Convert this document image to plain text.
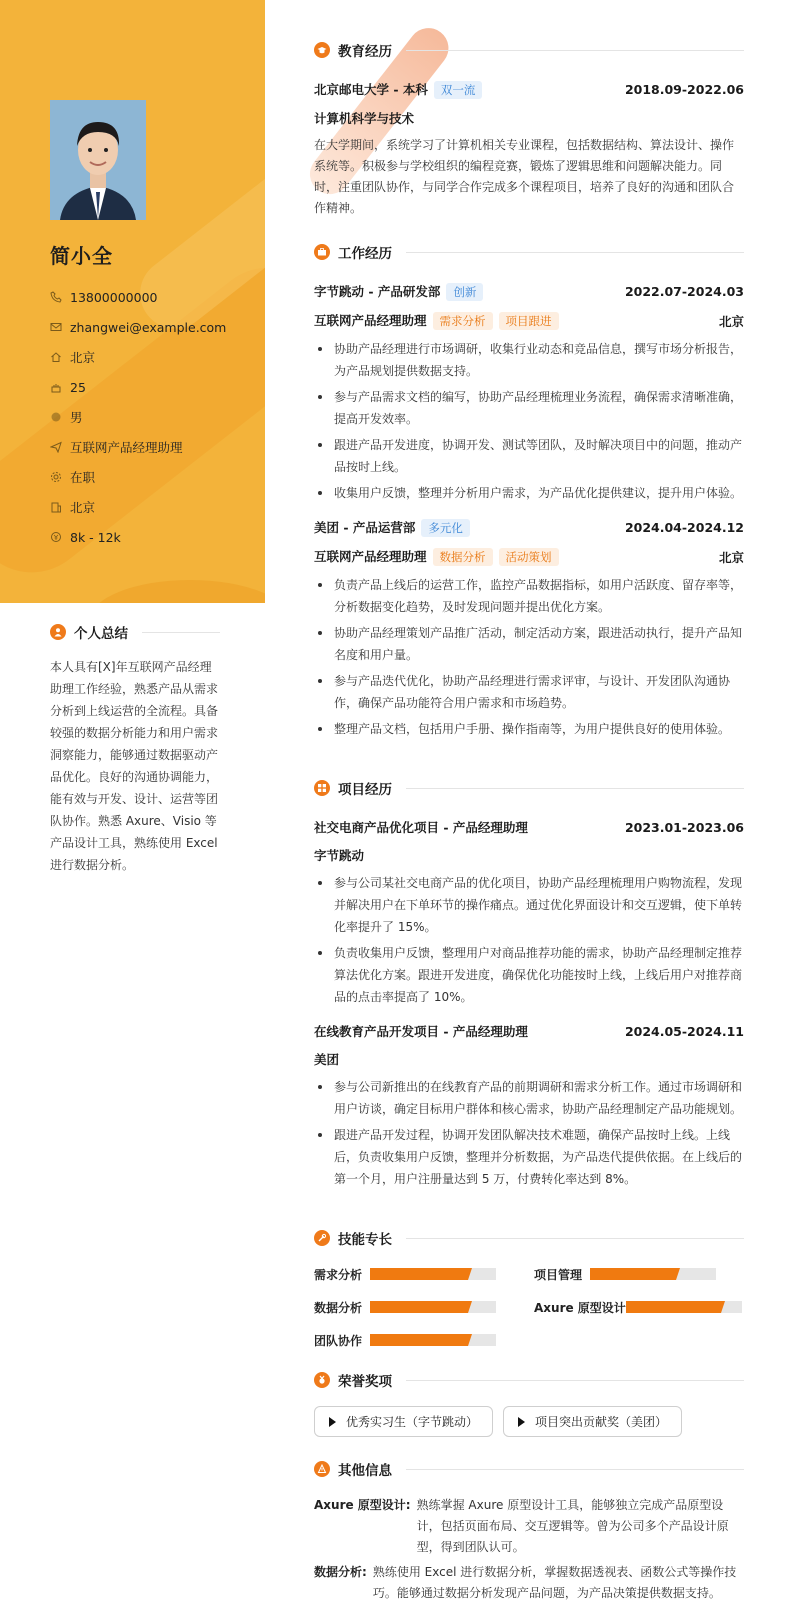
简小全
13800000000
zhangwei@example.com
北京
25
男
互联网产品经理助理
在职
北京
8k - 12k
个人总结
本人具有[X]年互联网产品经理助理工作经验，熟悉产品从需求分析到上线运营的全流程。具备较强的数据分析能力和用户需求洞察能力，能够通过数据驱动产品优化。良好的沟通协调能力，能有效与开发、设计、运营等团队协作。熟悉 Axure、Visio 等产品设计工具，熟练使用 Excel 进行数据分析。
教育经历
北京邮电大学 - 本科 双一流	2018.09-2022.06
计算机科学与技术
在大学期间，系统学习了计算机相关专业课程，包括数据结构、算法设计、操作系统等。积极参与学校组织的编程竞赛，锻炼了逻辑思维和问题解决能力。同时，注重团队协作，与同学合作完成多个课程项目，培养了良好的沟通和团队合作精神。
工作经历
字节跳动 - 产品研发部 创新	2022.07-2024.03
互联网产品经理助理 需求分析 项目跟进	北京
协助产品经理进行市场调研，收集行业动态和竞品信息，撰写市场分析报告，为产品规划提供数据支持。
参与产品需求文档的编写，协助产品经理梳理业务流程，确保需求清晰准确，提高开发效率。
跟进产品开发进度，协调开发、测试等团队，及时解决项目中的问题，推动产品按时上线。
收集用户反馈，整理并分析用户需求，为产品优化提供建议，提升用户体验。
美团 - 产品运营部 多元化	2024.04-2024.12
互联网产品经理助理 数据分析 活动策划	北京
负责产品上线后的运营工作，监控产品数据指标，如用户活跃度、留存率等，分析数据变化趋势，及时发现问题并提出优化方案。
协助产品经理策划产品推广活动，制定活动方案，跟进活动执行，提升产品知名度和用户量。
参与产品迭代优化，协助产品经理进行需求评审，与设计、开发团队沟通协作，确保产品功能符合用户需求和市场趋势。
整理产品文档，包括用户手册、操作指南等，为用户提供良好的使用体验。
项目经历
社交电商产品优化项目 - 产品经理助理	2023.01-2023.06
字节跳动
参与公司某社交电商产品的优化项目，协助产品经理梳理用户购物流程，发现并解决用户在下单环节的操作痛点。通过优化界面设计和交互逻辑，使下单转化率提升了 15%。
负责收集用户反馈，整理用户对商品推荐功能的需求，协助产品经理制定推荐算法优化方案。跟进开发进度，确保优化功能按时上线，上线后用户对推荐商品的点击率提高了 10%。
在线教育产品开发项目 - 产品经理助理	2024.05-2024.11
美团
参与公司新推出的在线教育产品的前期调研和需求分析工作。通过市场调研和用户访谈，确定目标用户群体和核心需求，协助产品经理制定产品功能规划。
跟进产品开发过程，协调开发团队解决技术难题，确保产品按时上线。上线后，负责收集用户反馈，整理并分析数据，为产品迭代提供依据。在上线后的第一个月，用户注册量达到 5 万，付费转化率达到 8%。
技能专长
需求分析	项目管理
数据分析	Axure 原型设计
团队协作
荣誉奖项
优秀实习生（字节跳动）	项目突出贡献奖（美团）
其他信息
Axure 原型设计: 熟练掌握 Axure 原型设计工具，能够独立完成产品原型设计，包括页面布局、交互逻辑等。曾为公司多个产品设计原型，得到团队认可。
数据分析: 熟练使用 Excel 进行数据分析，掌握数据透视表、函数公式等操作技巧。能够通过数据分析发现产品问题，为产品决策提供数据支持。
